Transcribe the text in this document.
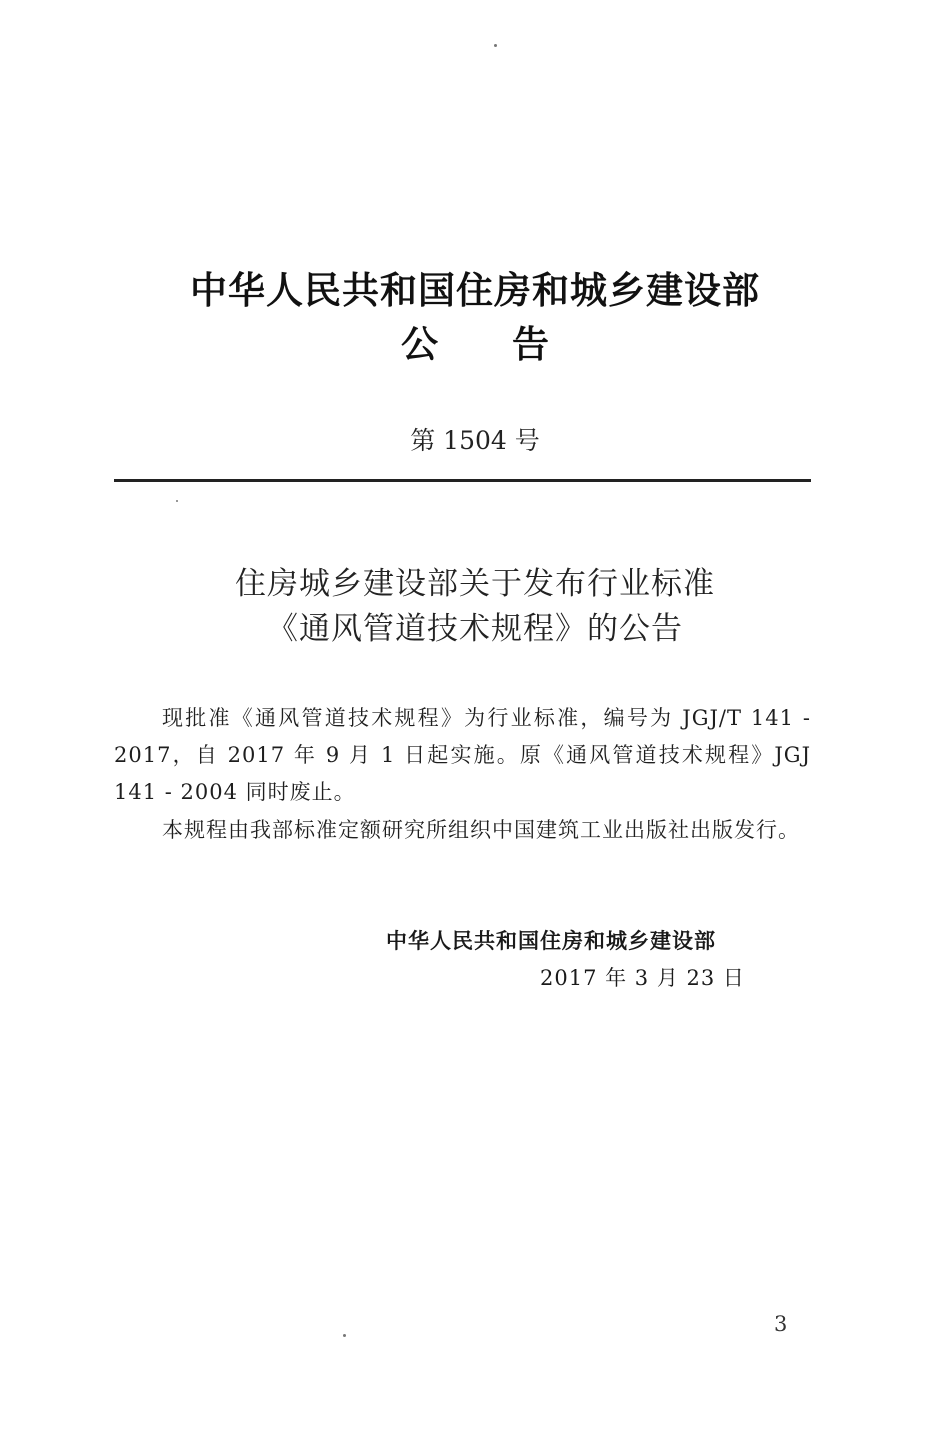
中华人民共和国住房和城乡建设部
公告
第 1504 号
住房城乡建设部关于发布行业标准
《通风管道技术规程》的公告

现批准《通风管道技术规程》为行业标准，编号为 JGJ/T 141 - 2017，自 2017 年 9 月 1 日起实施。原《通风管道技术规程》JGJ 141 - 2004 同时废止。

本规程由我部标准定额研究所组织中国建筑工业出版社出版发行。

中华人民共和国住房和城乡建设部
2017 年 3 月 23 日
3
